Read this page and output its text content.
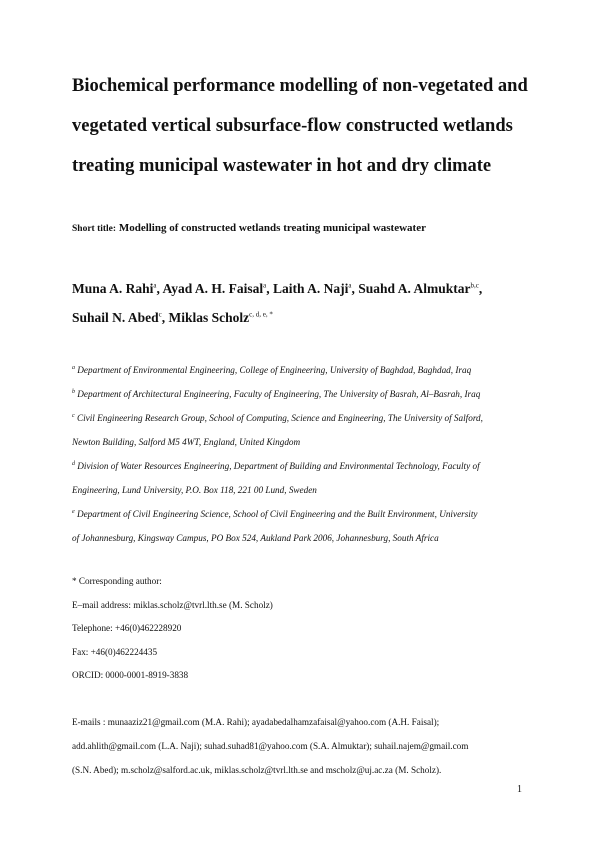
Biochemical performance modelling of non-vegetated and
vegetated vertical subsurface-flow constructed wetlands
treating municipal wastewater in hot and dry climate
Short title: Modelling of constructed wetlands treating municipal wastewater
Muna A. Rahi$^a$, Ayad A. H. Faisal$^a$, Laith A. Naji$^a$, Suahd A. Almuktar$^{b,c}$,
Suhail N. Abed$^c$, Miklas Scholz$^{c, d, e, *}$
$^a$ Department of Environmental Engineering, College of Engineering, University of Baghdad, Baghdad, Iraq
$^b$ Department of Architectural Engineering, Faculty of Engineering, The University of Basrah, Al–Basrah, Iraq
$^c$ Civil Engineering Research Group, School of Computing, Science and Engineering, The University of Salford,
Newton Building, Salford M5 4WT, England, United Kingdom
$^d$ Division of Water Resources Engineering, Department of Building and Environmental Technology, Faculty of
Engineering, Lund University, P.O. Box 118, 221 00 Lund, Sweden
$^e$ Department of Civil Engineering Science, School of Civil Engineering and the Built Environment, University
of Johannesburg, Kingsway Campus, PO Box 524, Aukland Park 2006, Johannesburg, South Africa
* Corresponding author:
E–mail address: miklas.scholz@tvrl.lth.se (M. Scholz)
Telephone: +46(0)462228920
Fax: +46(0)462224435
ORCID: 0000-0001-8919-3838
E-mails : munaaziz21@gmail.com (M.A. Rahi); ayadabedalhamzafaisal@yahoo.com (A.H. Faisal);
add.ahlith@gmail.com (L.A. Naji); suhad.suhad81@yahoo.com (S.A. Almuktar); suhail.najem@gmail.com
(S.N. Abed); m.scholz@salford.ac.uk, miklas.scholz@tvrl.lth.se and mscholz@uj.ac.za (M. Scholz).
1
